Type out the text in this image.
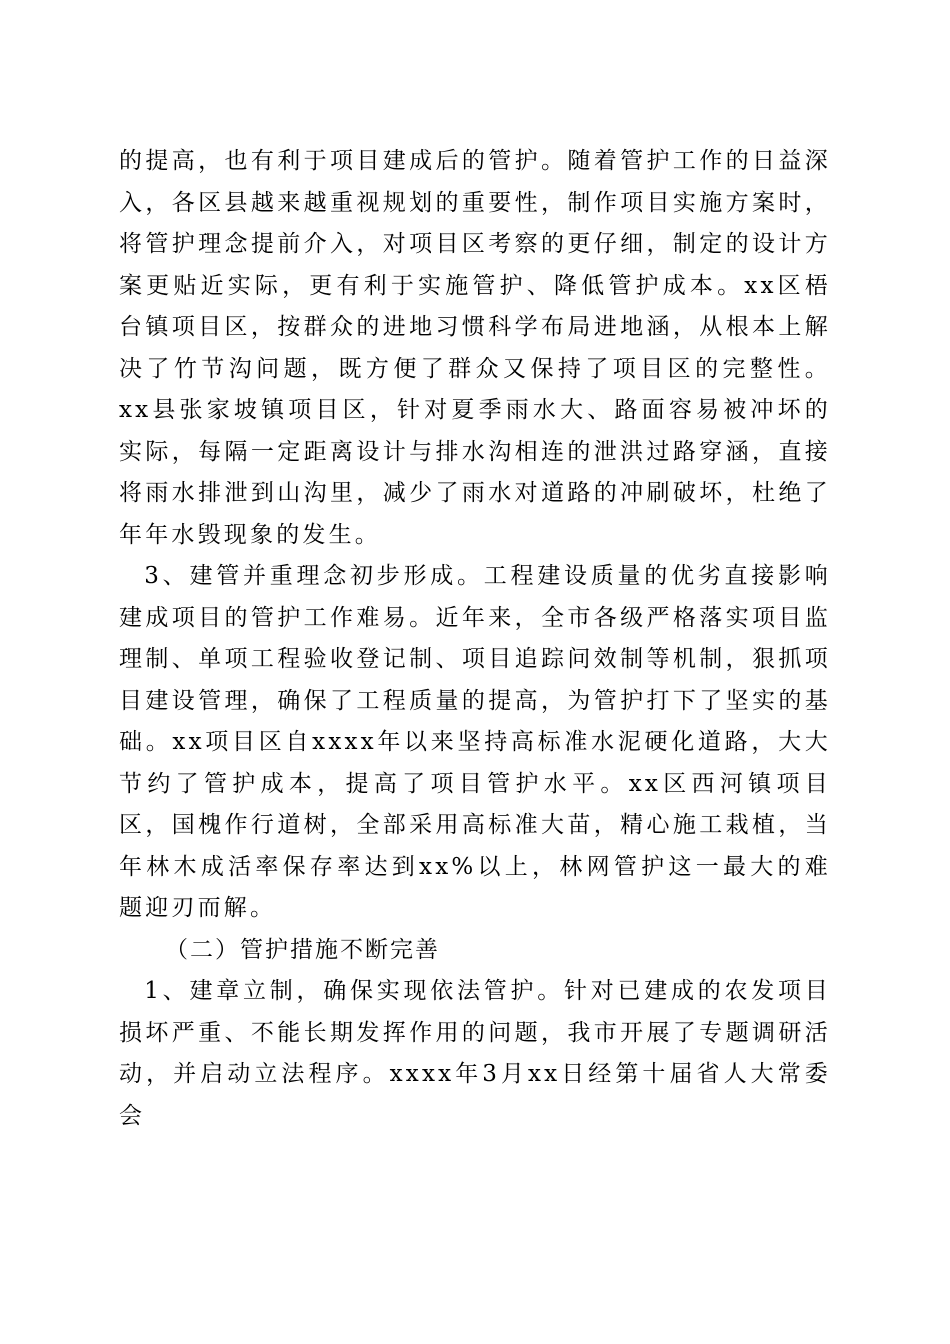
的提高，也有利于项目建成后的管护。随着管护工作的日益深入，各区县越来越重视规划的重要性，制作项目实施方案时，将管护理念提前介入，对项目区考察的更仔细，制定的设计方案更贴近实际，更有利于实施管护、降低管护成本。xx区梧台镇项目区，按群众的进地习惯科学布局进地涵，从根本上解决了竹节沟问题，既方便了群众又保持了项目区的完整性。xx县张家坡镇项目区，针对夏季雨水大、路面容易被冲坏的实际，每隔一定距离设计与排水沟相连的泄洪过路穿涵，直接将雨水排泄到山沟里，减少了雨水对道路的冲刷破坏，杜绝了年年水毁现象的发生。

3、建管并重理念初步形成。工程建设质量的优劣直接影响建成项目的管护工作难易。近年来，全市各级严格落实项目监理制、单项工程验收登记制、项目追踪问效制等机制，狠抓项目建设管理，确保了工程质量的提高，为管护打下了坚实的基础。xx项目区自xxxx年以来坚持高标准水泥硬化道路，大大节约了管护成本，提高了项目管护水平。xx区西河镇项目区，国槐作行道树，全部采用高标准大苗，精心施工栽植，当年林木成活率保存率达到xx%以上，林网管护这一最大的难题迎刃而解。

（二）管护措施不断完善

1、建章立制，确保实现依法管护。针对已建成的农发项目损坏严重、不能长期发挥作用的问题，我市开展了专题调研活动，并启动立法程序。xxxx年3月xx日经第十届省人大常委会
